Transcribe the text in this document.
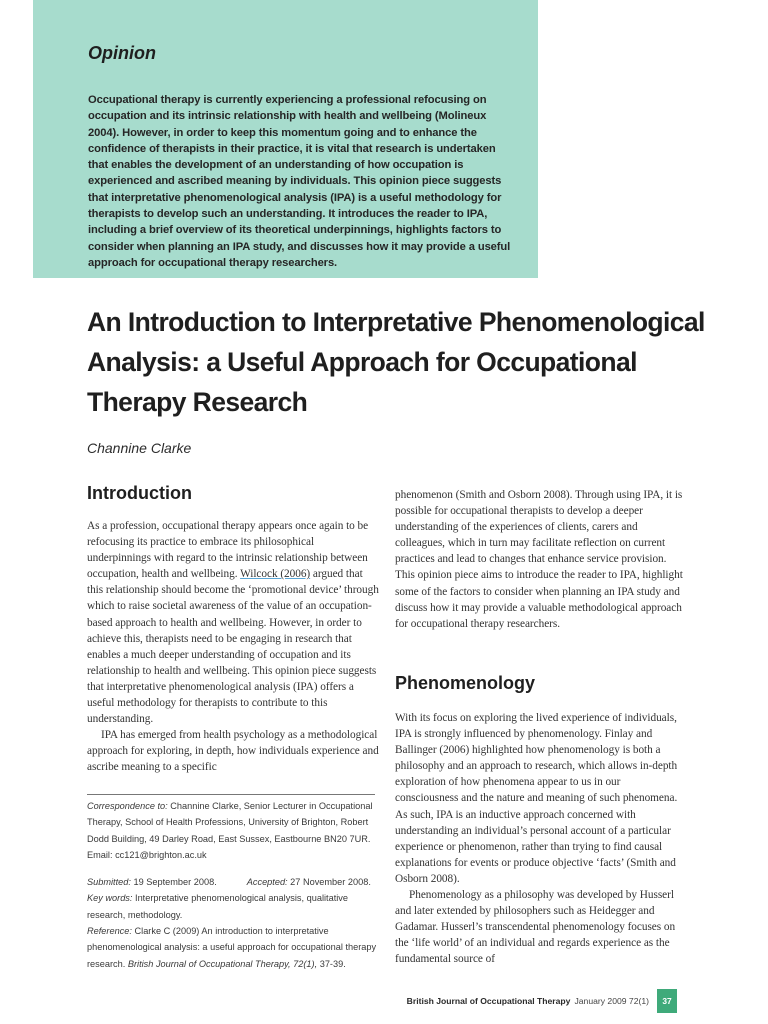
Opinion

Occupational therapy is currently experiencing a professional refocusing on occupation and its intrinsic relationship with health and wellbeing (Molineux 2004). However, in order to keep this momentum going and to enhance the confidence of therapists in their practice, it is vital that research is undertaken that enables the development of an understanding of how occupation is experienced and ascribed meaning by individuals. This opinion piece suggests that interpretative phenomenological analysis (IPA) is a useful methodology for therapists to develop such an understanding. It introduces the reader to IPA, including a brief overview of its theoretical underpinnings, highlights factors to consider when planning an IPA study, and discusses how it may provide a useful approach for occupational therapy researchers.

An Introduction to Interpretative Phenomenological Analysis: a Useful Approach for Occupational Therapy Research

Channine Clarke

Introduction

As a profession, occupational therapy appears once again to be refocusing its practice to embrace its philosophical underpinnings with regard to the intrinsic relationship between occupation, health and wellbeing. Wilcock (2006) argued that this relationship should become the ‘promotional device’ through which to raise societal awareness of the value of an occupation-based approach to health and wellbeing. However, in order to achieve this, therapists need to be engaging in research that enables a much deeper understanding of occupation and its relationship to health and wellbeing. This opinion piece suggests that interpretative phenomenological analysis (IPA) offers a useful methodology for therapists to contribute to this understanding.

IPA has emerged from health psychology as a methodological approach for exploring, in depth, how individuals experience and ascribe meaning to a specific

Correspondence to: Channine Clarke, Senior Lecturer in Occupational Therapy, School of Health Professions, University of Brighton, Robert Dodd Building, 49 Darley Road, East Sussex, Eastbourne BN20 7UR.

Email: cc121@brighton.ac.uk

Submitted: 19 September 2008.	Accepted: 27 November 2008.

Key words: Interpretative phenomenological analysis, qualitative research, methodology.

Reference: Clarke C (2009) An introduction to interpretative phenomenological analysis: a useful approach for occupational therapy research. British Journal of Occupational Therapy, 72(1), 37-39.

phenomenon (Smith and Osborn 2008). Through using IPA, it is possible for occupational therapists to develop a deeper understanding of the experiences of clients, carers and colleagues, which in turn may facilitate reflection on current practices and lead to changes that enhance service provision. This opinion piece aims to introduce the reader to IPA, highlight some of the factors to consider when planning an IPA study and discuss how it may provide a valuable methodological approach for occupational therapy researchers.

Phenomenology

With its focus on exploring the lived experience of individuals, IPA is strongly influenced by phenomenology. Finlay and Ballinger (2006) highlighted how phenomenology is both a philosophy and an approach to research, which allows in-depth exploration of how phenomena appear to us in our consciousness and the nature and meaning of such phenomena. As such, IPA is an inductive approach concerned with understanding an individual’s personal account of a particular experience or phenomenon, rather than trying to find causal explanations for events or produce objective ‘facts’ (Smith and Osborn 2008).

Phenomenology as a philosophy was developed by Husserl and later extended by philosophers such as Heidegger and Gadamar. Husserl’s transcendental phenomenology focuses on the ‘life world’ of an individual and regards experience as the fundamental source of

British Journal of Occupational Therapy January 2009 72(1)	37
